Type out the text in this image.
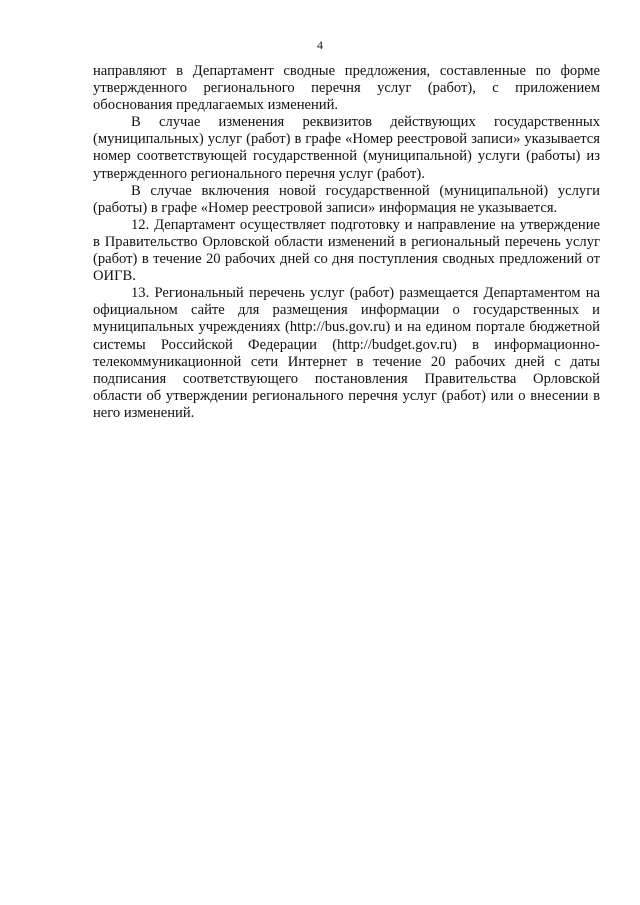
4

направляют в Департамент сводные предложения, составленные по форме утвержденного регионального перечня услуг (работ), с приложением обоснования предлагаемых изменений.

В случае изменения реквизитов действующих государственных (муниципальных) услуг (работ) в графе «Номер реестровой записи» указывается номер соответствующей государственной (муниципальной) услуги (работы) из утвержденного регионального перечня услуг (работ).

В случае включения новой государственной (муниципальной) услуги (работы) в графе «Номер реестровой записи» информация не указывается.

12. Департамент осуществляет подготовку и направление на утверждение в Правительство Орловской области изменений в региональный перечень услуг (работ) в течение 20 рабочих дней со дня поступления сводных предложений от ОИГВ.

13. Региональный перечень услуг (работ) размещается Департаментом на официальном сайте для размещения информации о государственных и муниципальных учреждениях (http://bus.gov.ru) и на едином портале бюджетной системы Российской Федерации (http://budget.gov.ru) в информационно-телекоммуникационной сети Интернет в течение 20 рабочих дней с даты подписания соответствующего постановления Правительства Орловской области об утверждении регионального перечня услуг (работ) или о внесении в него изменений.
